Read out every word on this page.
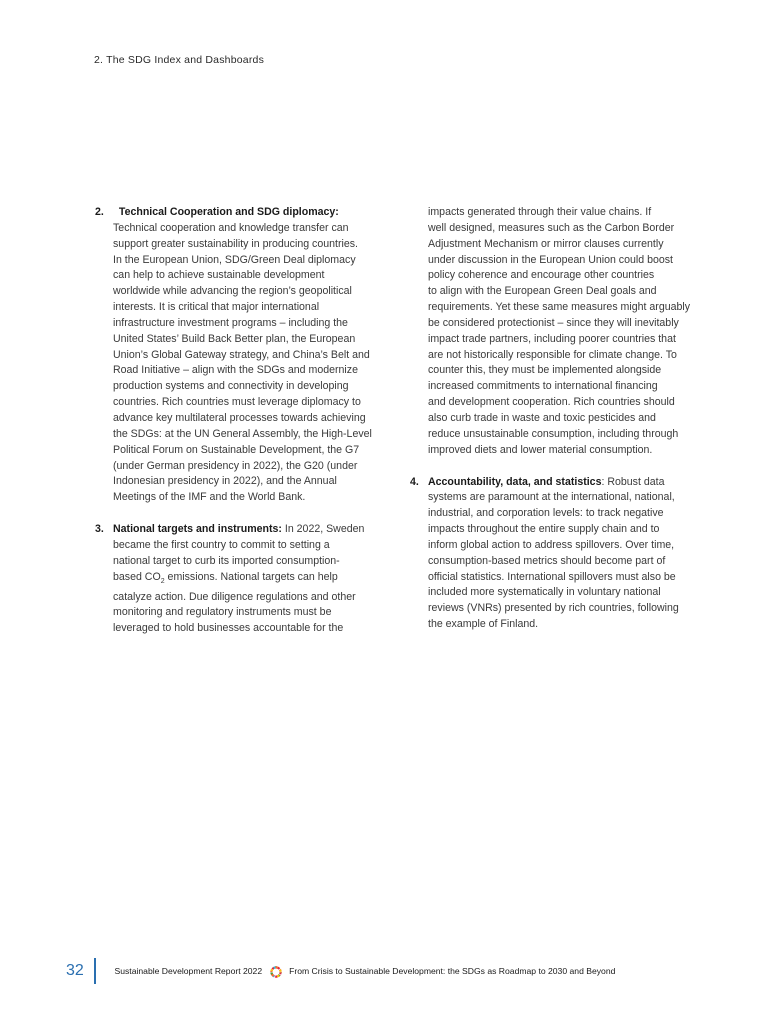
2. The SDG Index and Dashboards
2.	Technical Cooperation and SDG diplomacy:
Technical cooperation and knowledge transfer can
support greater sustainability in producing countries.
In the European Union, SDG/Green Deal diplomacy
can help to achieve sustainable development
worldwide while advancing the region’s geopolitical
interests. It is critical that major international
infrastructure investment programs – including the
United States’ Build Back Better plan, the European
Union’s Global Gateway strategy, and China’s Belt and
Road Initiative – align with the SDGs and modernize
production systems and connectivity in developing
countries. Rich countries must leverage diplomacy to
advance key multilateral processes towards achieving
the SDGs: at the UN General Assembly, the High-Level
Political Forum on Sustainable Development, the G7
(under German presidency in 2022), the G20 (under
Indonesian presidency in 2022), and the Annual
Meetings of the IMF and the World Bank.
3. National targets and instruments: In 2022, Sweden
became the first country to commit to setting a
national target to curb its imported consumption-
based $CO_2$ emissions. National targets can help
catalyze action. Due diligence regulations and other
monitoring and regulatory instruments must be
leveraged to hold businesses accountable for the
impacts generated through their value chains. If
well designed, measures such as the Carbon Border
Adjustment Mechanism or mirror clauses currently
under discussion in the European Union could boost
policy coherence and encourage other countries
to align with the European Green Deal goals and
requirements. Yet these same measures might arguably
be considered protectionist – since they will inevitably
impact trade partners, including poorer countries that
are not historically responsible for climate change. To
counter this, they must be implemented alongside
increased commitments to international financing
and development cooperation. Rich countries should
also curb trade in waste and toxic pesticides and
reduce unsustainable consumption, including through
improved diets and lower material consumption.
4. Accountability, data, and statistics: Robust data
systems are paramount at the international, national,
industrial, and corporation levels: to track negative
impacts throughout the entire supply chain and to
inform global action to address spillovers. Over time,
consumption-based metrics should become part of
official statistics. International spillovers must also be
included more systematically in voluntary national
reviews (VNRs) presented by rich countries, following
the example of Finland.
32	Sustainable Development Report 2022	From Crisis to Sustainable Development: the SDGs as Roadmap to 2030 and Beyond
